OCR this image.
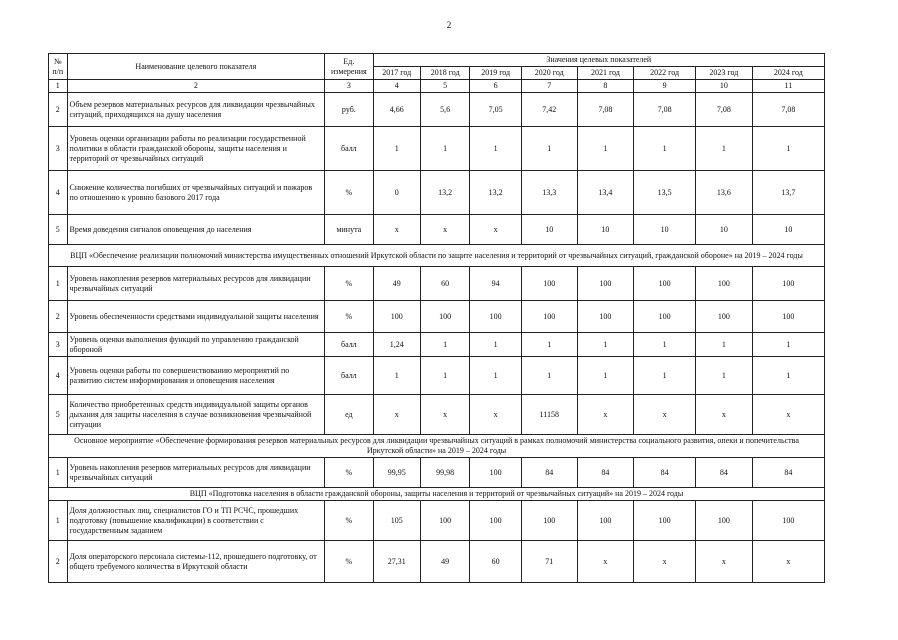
2
№ п/п	Наименование целевого показателя	Ед. измерения	Значения целевых показателей							
			2017 год	2018 год	2019 год	2020 год	2021 год	2022 год	2023 год	2024 год
1	2	3	4	5	6	7	8	9	10	11
2	Объем резервов материальных ресурсов для ликвидации чрезвычайных ситуаций, приходящихся на душу населения	руб.	4,66	5,6	7,05	7,42	7,08	7,08	7,08	7,08
3	Уровень оценки организации работы по реализации государственной политики в области гражданской обороны, защиты населения и территорий от чрезвычайных ситуаций	балл	1	1	1	1	1	1	1	1
4	Снижение количества погибших от чрезвычайных ситуаций и пожаров по отношению к уровню базового 2017 года	%	0	13,2	13,2	13,3	13,4	13,5	13,6	13,7
5	Время доведения сигналов оповещения до населения	минута	х	х	х	10	10	10	10	10
ВЦП «Обеспечение реализации полномочий министерства имущественных отношений Иркутской области по защите населения и территорий от чрезвычайных ситуаций, гражданской обороне» на 2019 – 2024 годы										
1	Уровень накопления резервов материальных ресурсов для ликвидации чрезвычайных ситуаций	%	49	60	94	100	100	100	100	100
2	Уровень обеспеченности средствами индивидуальной защиты населения	%	100	100	100	100	100	100	100	100
3	Уровень оценки выполнения функций по управлению гражданской обороной	балл	1,24	1	1	1	1	1	1	1
4	Уровень оценки работы по совершенствованию мероприятий по развитию систем информирования и оповещения населения	балл	1	1	1	1	1	1	1	1
5	Количество приобретенных средств индивидуальной защиты органов дыхания для защиты населения в случае возникновения чрезвычайной ситуации	ед	х	х	х	11158	х	х	х	х
Основное мероприятие «Обеспечение формирования резервов материальных ресурсов для ликвидации чрезвычайных ситуаций в рамках полномочий министерства социального развития, опеки и попечительства Иркутской области» на 2019 – 2024 годы										
1	Уровень накопления резервов материальных ресурсов для ликвидации чрезвычайных ситуаций	%	99,95	99,98	100	84	84	84	84	84
ВЦП «Подготовка населения в области гражданской обороны, защиты населения и территорий от чрезвычайных ситуаций» на 2019 – 2024 годы										
1	Доля должностных лиц, специалистов ГО и ТП РСЧС, прошедших подготовку (повышение квалификации) в соответствии с государственным заданием	%	105	100	100	100	100	100	100	100
2	Доля операторского персонала системы-112, прошедшего подготовку, от общего требуемого количества в Иркутской области	%	27,31	49	60	71	х	х	х	х
